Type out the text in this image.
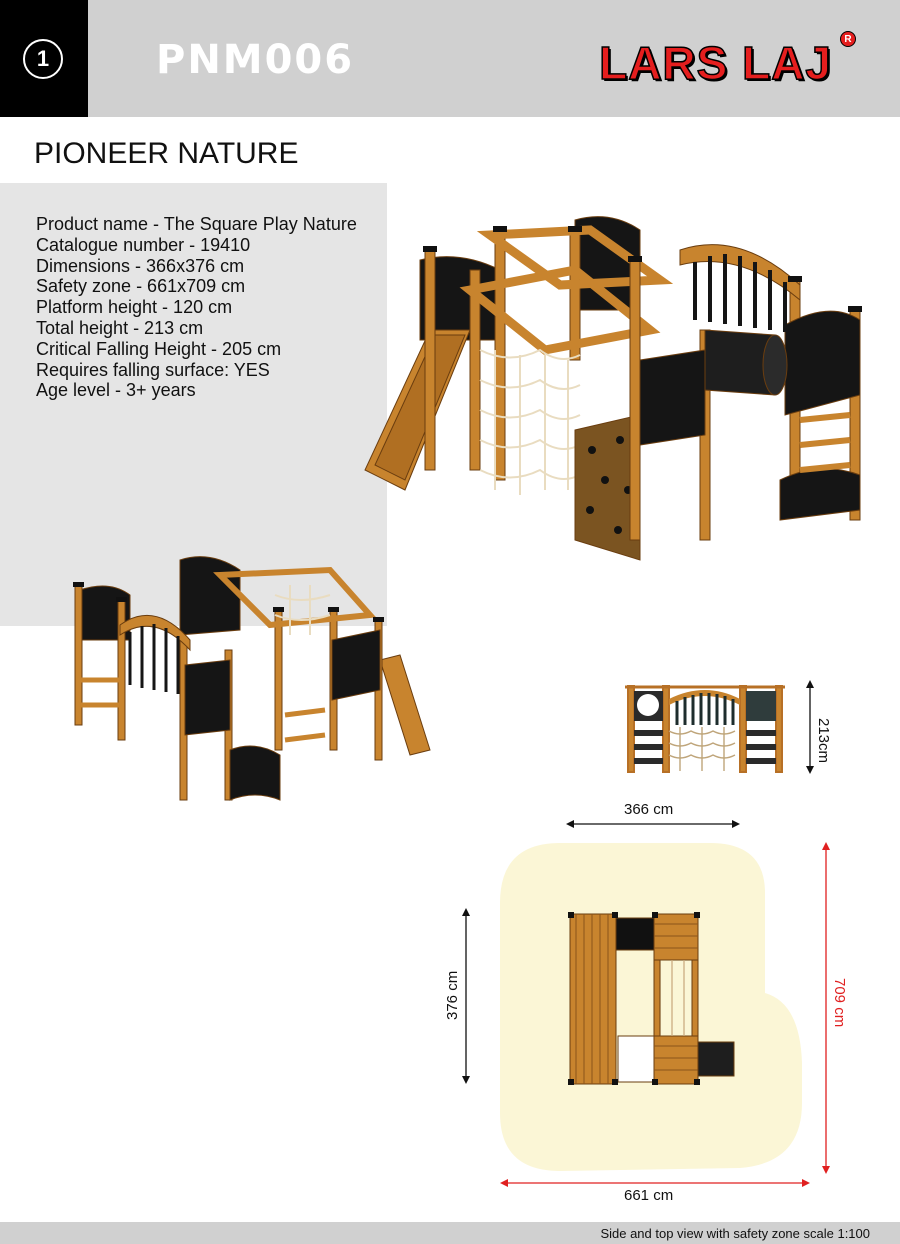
1	PNM006	LARS LAJ	R
PIONEER NATURE
Product name - The Square Play Nature
Catalogue number - 19410
Dimensions - 366x376 cm
Safety zone - 661x709 cm
Platform height - 120 cm
Total height - 213 cm
Critical Falling Height - 205 cm
Requires falling surface: YES
Age level - 3+ years
213cm
366 cm
376 cm	709 cm
661 cm
Side and top view with safety zone scale 1:100
